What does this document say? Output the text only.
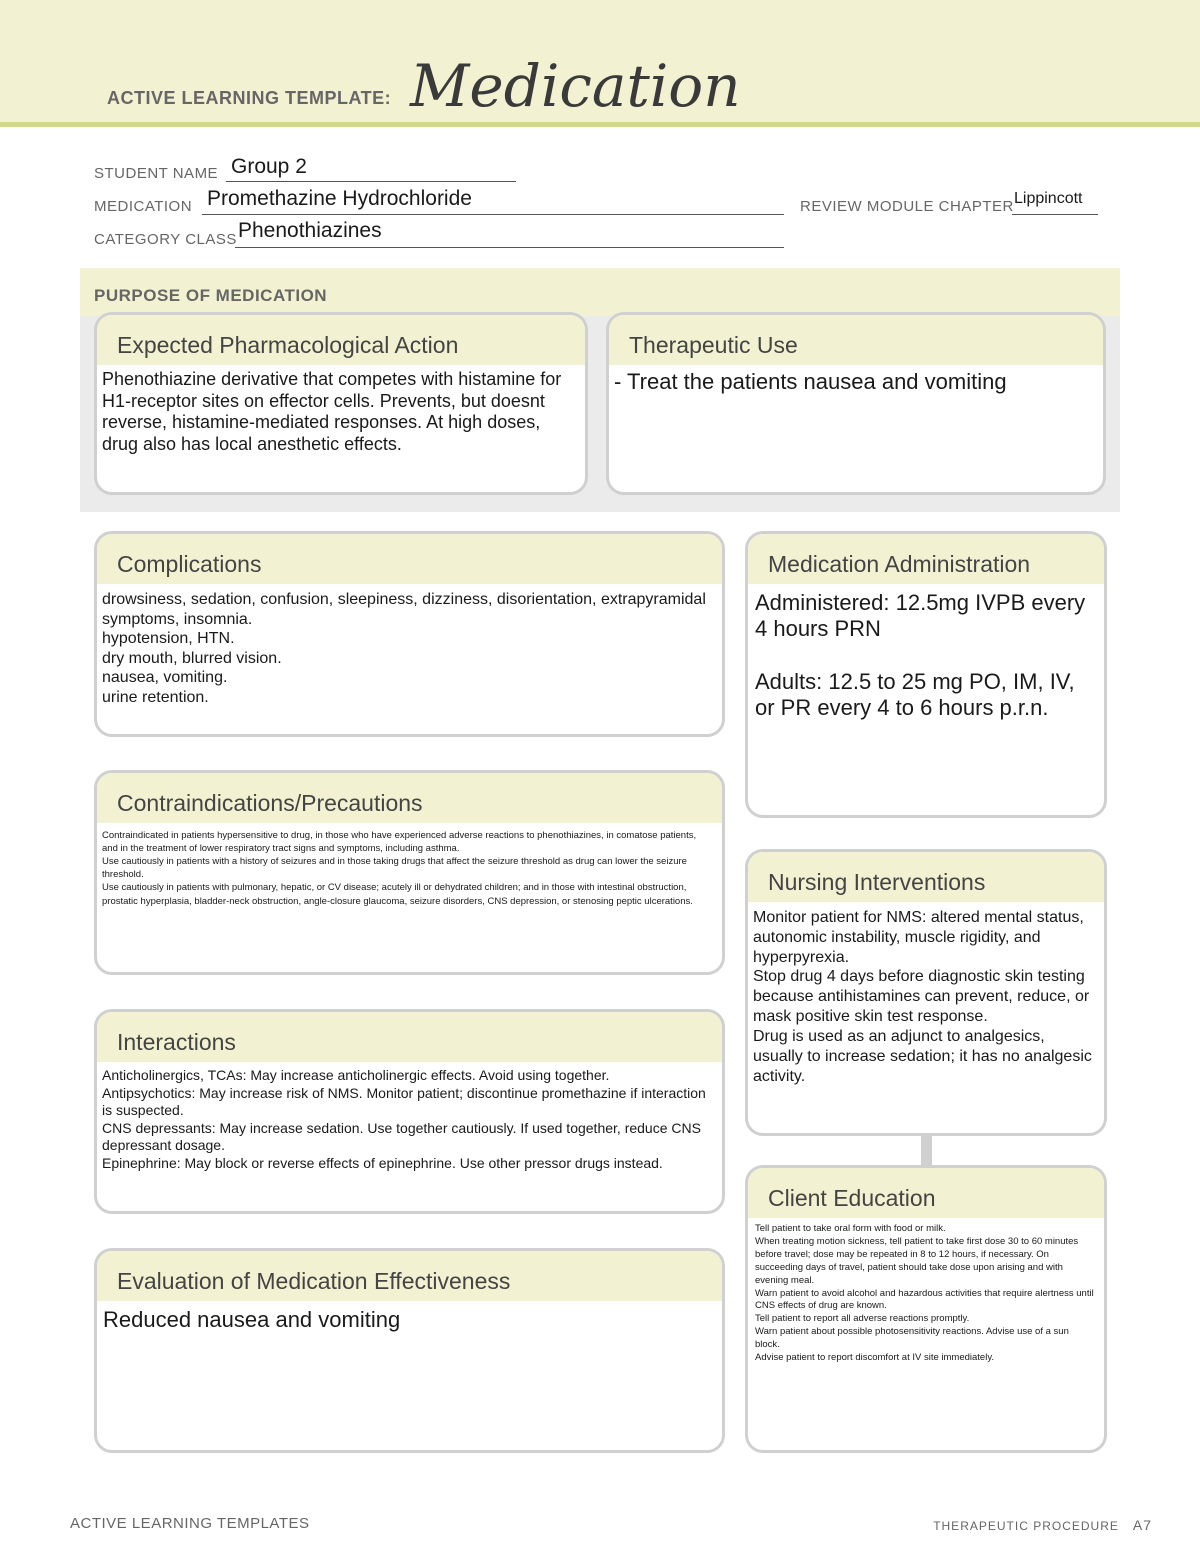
ACTIVE LEARNING TEMPLATE: Medication
STUDENT NAME Group 2
MEDICATION Promethazine Hydrochloride	REVIEW MODULE CHAPTER Lippincott
CATEGORY CLASS Phenothiazines
PURPOSE OF MEDICATION
Expected Pharmacological Action
Phenothiazine derivative that competes with histamine for H1-receptor sites on effector cells. Prevents, but doesnt reverse, histamine-mediated responses. At high doses, drug also has local anesthetic effects.
Therapeutic Use
- Treat the patients nausea and vomiting
Complications
drowsiness, sedation, confusion, sleepiness, dizziness, disorientation, extrapyramidal symptoms, insomnia.
hypotension, HTN.
dry mouth, blurred vision.
nausea, vomiting.
urine retention.
Medication Administration
Administered: 12.5mg IVPB every 4 hours PRN
Adults: 12.5 to 25 mg PO, IM, IV, or PR every 4 to 6 hours p.r.n.
Contraindications/Precautions
Contraindicated in patients hypersensitive to drug, in those who have experienced adverse reactions to phenothiazines, in comatose patients, and in the treatment of lower respiratory tract signs and symptoms, including asthma.
Use cautiously in patients with a history of seizures and in those taking drugs that affect the seizure threshold as drug can lower the seizure threshold.
Use cautiously in patients with pulmonary, hepatic, or CV disease; acutely ill or dehydrated children; and in those with intestinal obstruction, prostatic hyperplasia, bladder-neck obstruction, angle-closure glaucoma, seizure disorders, CNS depression, or stenosing peptic ulcerations.
Nursing Interventions
Monitor patient for NMS: altered mental status, autonomic instability, muscle rigidity, and hyperpyrexia.
Stop drug 4 days before diagnostic skin testing because antihistamines can prevent, reduce, or mask positive skin test response.
Drug is used as an adjunct to analgesics, usually to increase sedation; it has no analgesic activity.
Interactions
Anticholinergics, TCAs: May increase anticholinergic effects. Avoid using together.
Antipsychotics: May increase risk of NMS. Monitor patient; discontinue promethazine if interaction is suspected.
CNS depressants: May increase sedation. Use together cautiously. If used together, reduce CNS depressant dosage.
Epinephrine: May block or reverse effects of epinephrine. Use other pressor drugs instead.
Client Education
Tell patient to take oral form with food or milk.
When treating motion sickness, tell patient to take first dose 30 to 60 minutes before travel; dose may be repeated in 8 to 12 hours, if necessary. On succeeding days of travel, patient should take dose upon arising and with evening meal.
Warn patient to avoid alcohol and hazardous activities that require alertness until CNS effects of drug are known.
Tell patient to report all adverse reactions promptly.
Warn patient about possible photosensitivity reactions. Advise use of a sun block.
Advise patient to report discomfort at IV site immediately.
Evaluation of Medication Effectiveness
Reduced nausea and vomiting
ACTIVE LEARNING TEMPLATES	THERAPEUTIC PROCEDURE A7
